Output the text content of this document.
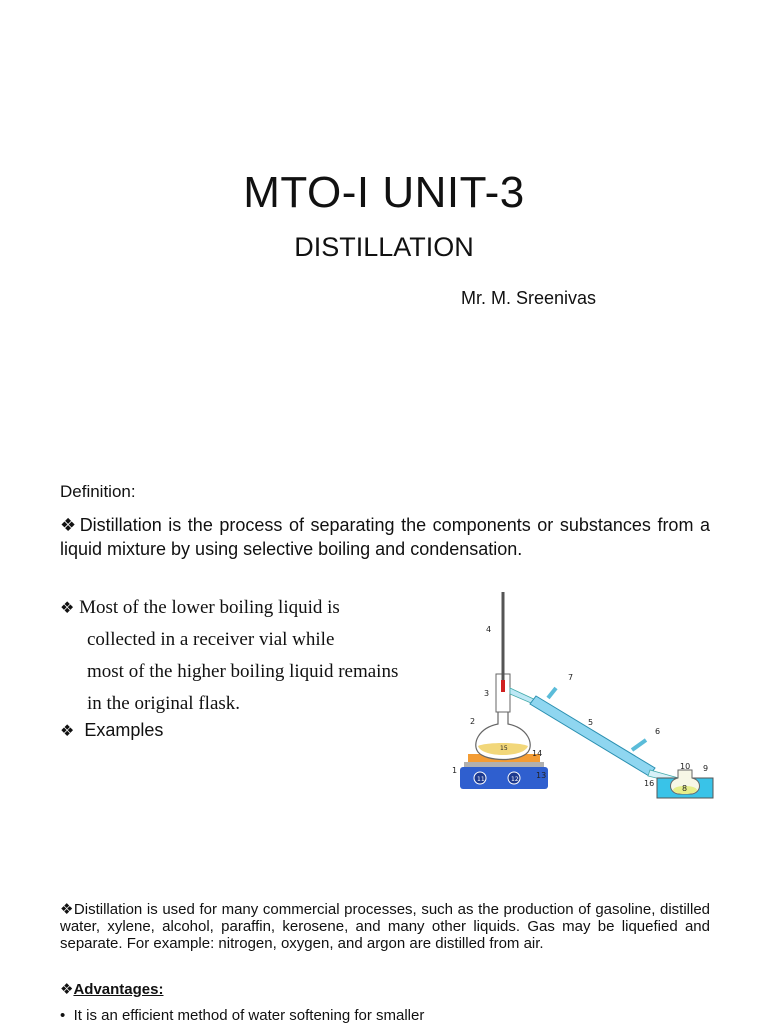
MTO-I UNIT-3
DISTILLATION
Mr. M. Sreenivas
Definition:
❖ Distillation is the process of separating the components or substances from a liquid mixture by using selective boiling and condensation.
❖ Most of the lower boiling liquid is
collected in a receiver vial while
most of the higher boiling liquid remains
in the original flask.
❖ Examples
1
2
3
4
5
6
7
8
9
10
11	12 13
14
15
16
❖Distillation is used for many commercial processes, such as the production of gasoline, distilled water, xylene, alcohol, paraffin, kerosene, and many other liquids. Gas may be liquefied and separate. For example: nitrogen, oxygen, and argon are distilled from air.
❖Advantages:
• It is an efficient method of water softening for smaller
